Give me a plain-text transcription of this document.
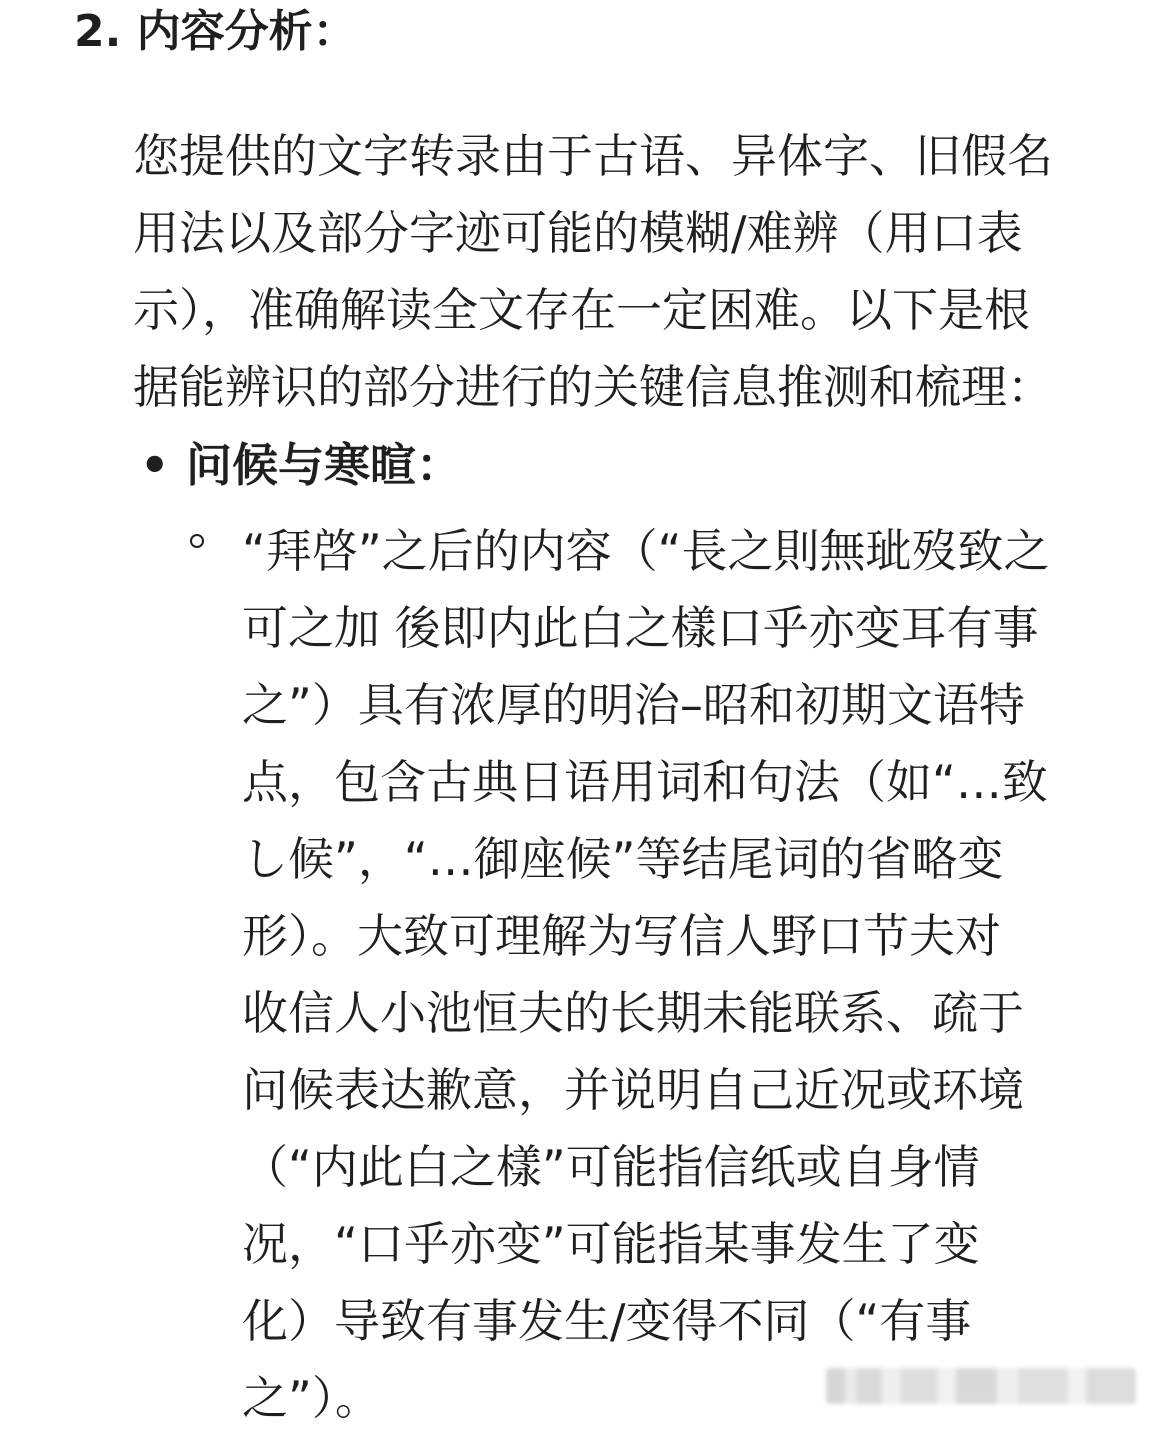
2. 内容分析：
您提供的文字转录由于古语、异体字、旧假名
用法以及部分字迹可能的模糊/难辨（用口表
示），准确解读全文存在一定困难。以下是根
据能辨识的部分进行的关键信息推测和梳理：
• 问候与寒暄：
“拜啓”之后的内容（“長之則無玼歿致之
可之加 後即内此白之樣口乎亦变耳有事
之”）具有浓厚的明治–昭和初期文语特
点，包含古典日语用词和句法（如“…致
し候”，“…御座候”等结尾词的省略变
形）。大致可理解为写信人野口节夫对
收信人小池恒夫的长期未能联系、疏于
问候表达歉意，并说明自己近况或环境
（“内此白之樣”可能指信纸或自身情
况，“口乎亦变”可能指某事发生了变
化）导致有事发生/变得不同（“有事
之”）。
